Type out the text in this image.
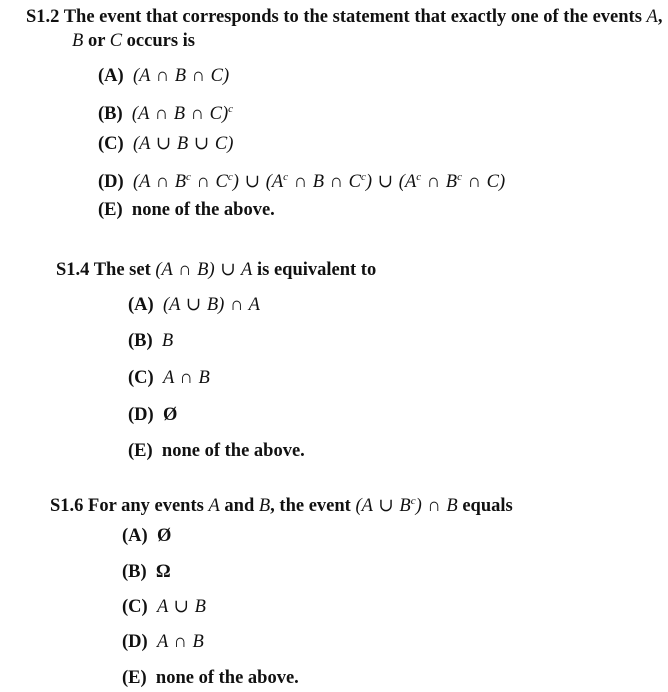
S1.2 The event that corresponds to the statement that exactly one of the events A,
B or C occurs is
(A) (A ∩ B ∩ C)
(B) (A ∩ B ∩ C)$^c$
(C) (A ∪ B ∪ C)
(D) (A ∩ $B^c$ ∩ $C^c$) ∪ ($A^c$ ∩ B ∩ $C^c$) ∪ ($A^c$ ∩ $B^c$ ∩ C)
(E) none of the above.
S1.4 The set (A ∩ B) ∪ A is equivalent to
(A) (A ∪ B) ∩ A
(B) B
(C) A ∩ B
(D) Ø
(E) none of the above.
S1.6 For any events A and B, the event (A ∪ $B^c$) ∩ B equals
(A) Ø
(B) Ω
(C) A ∪ B
(D) A ∩ B
(E) none of the above.
